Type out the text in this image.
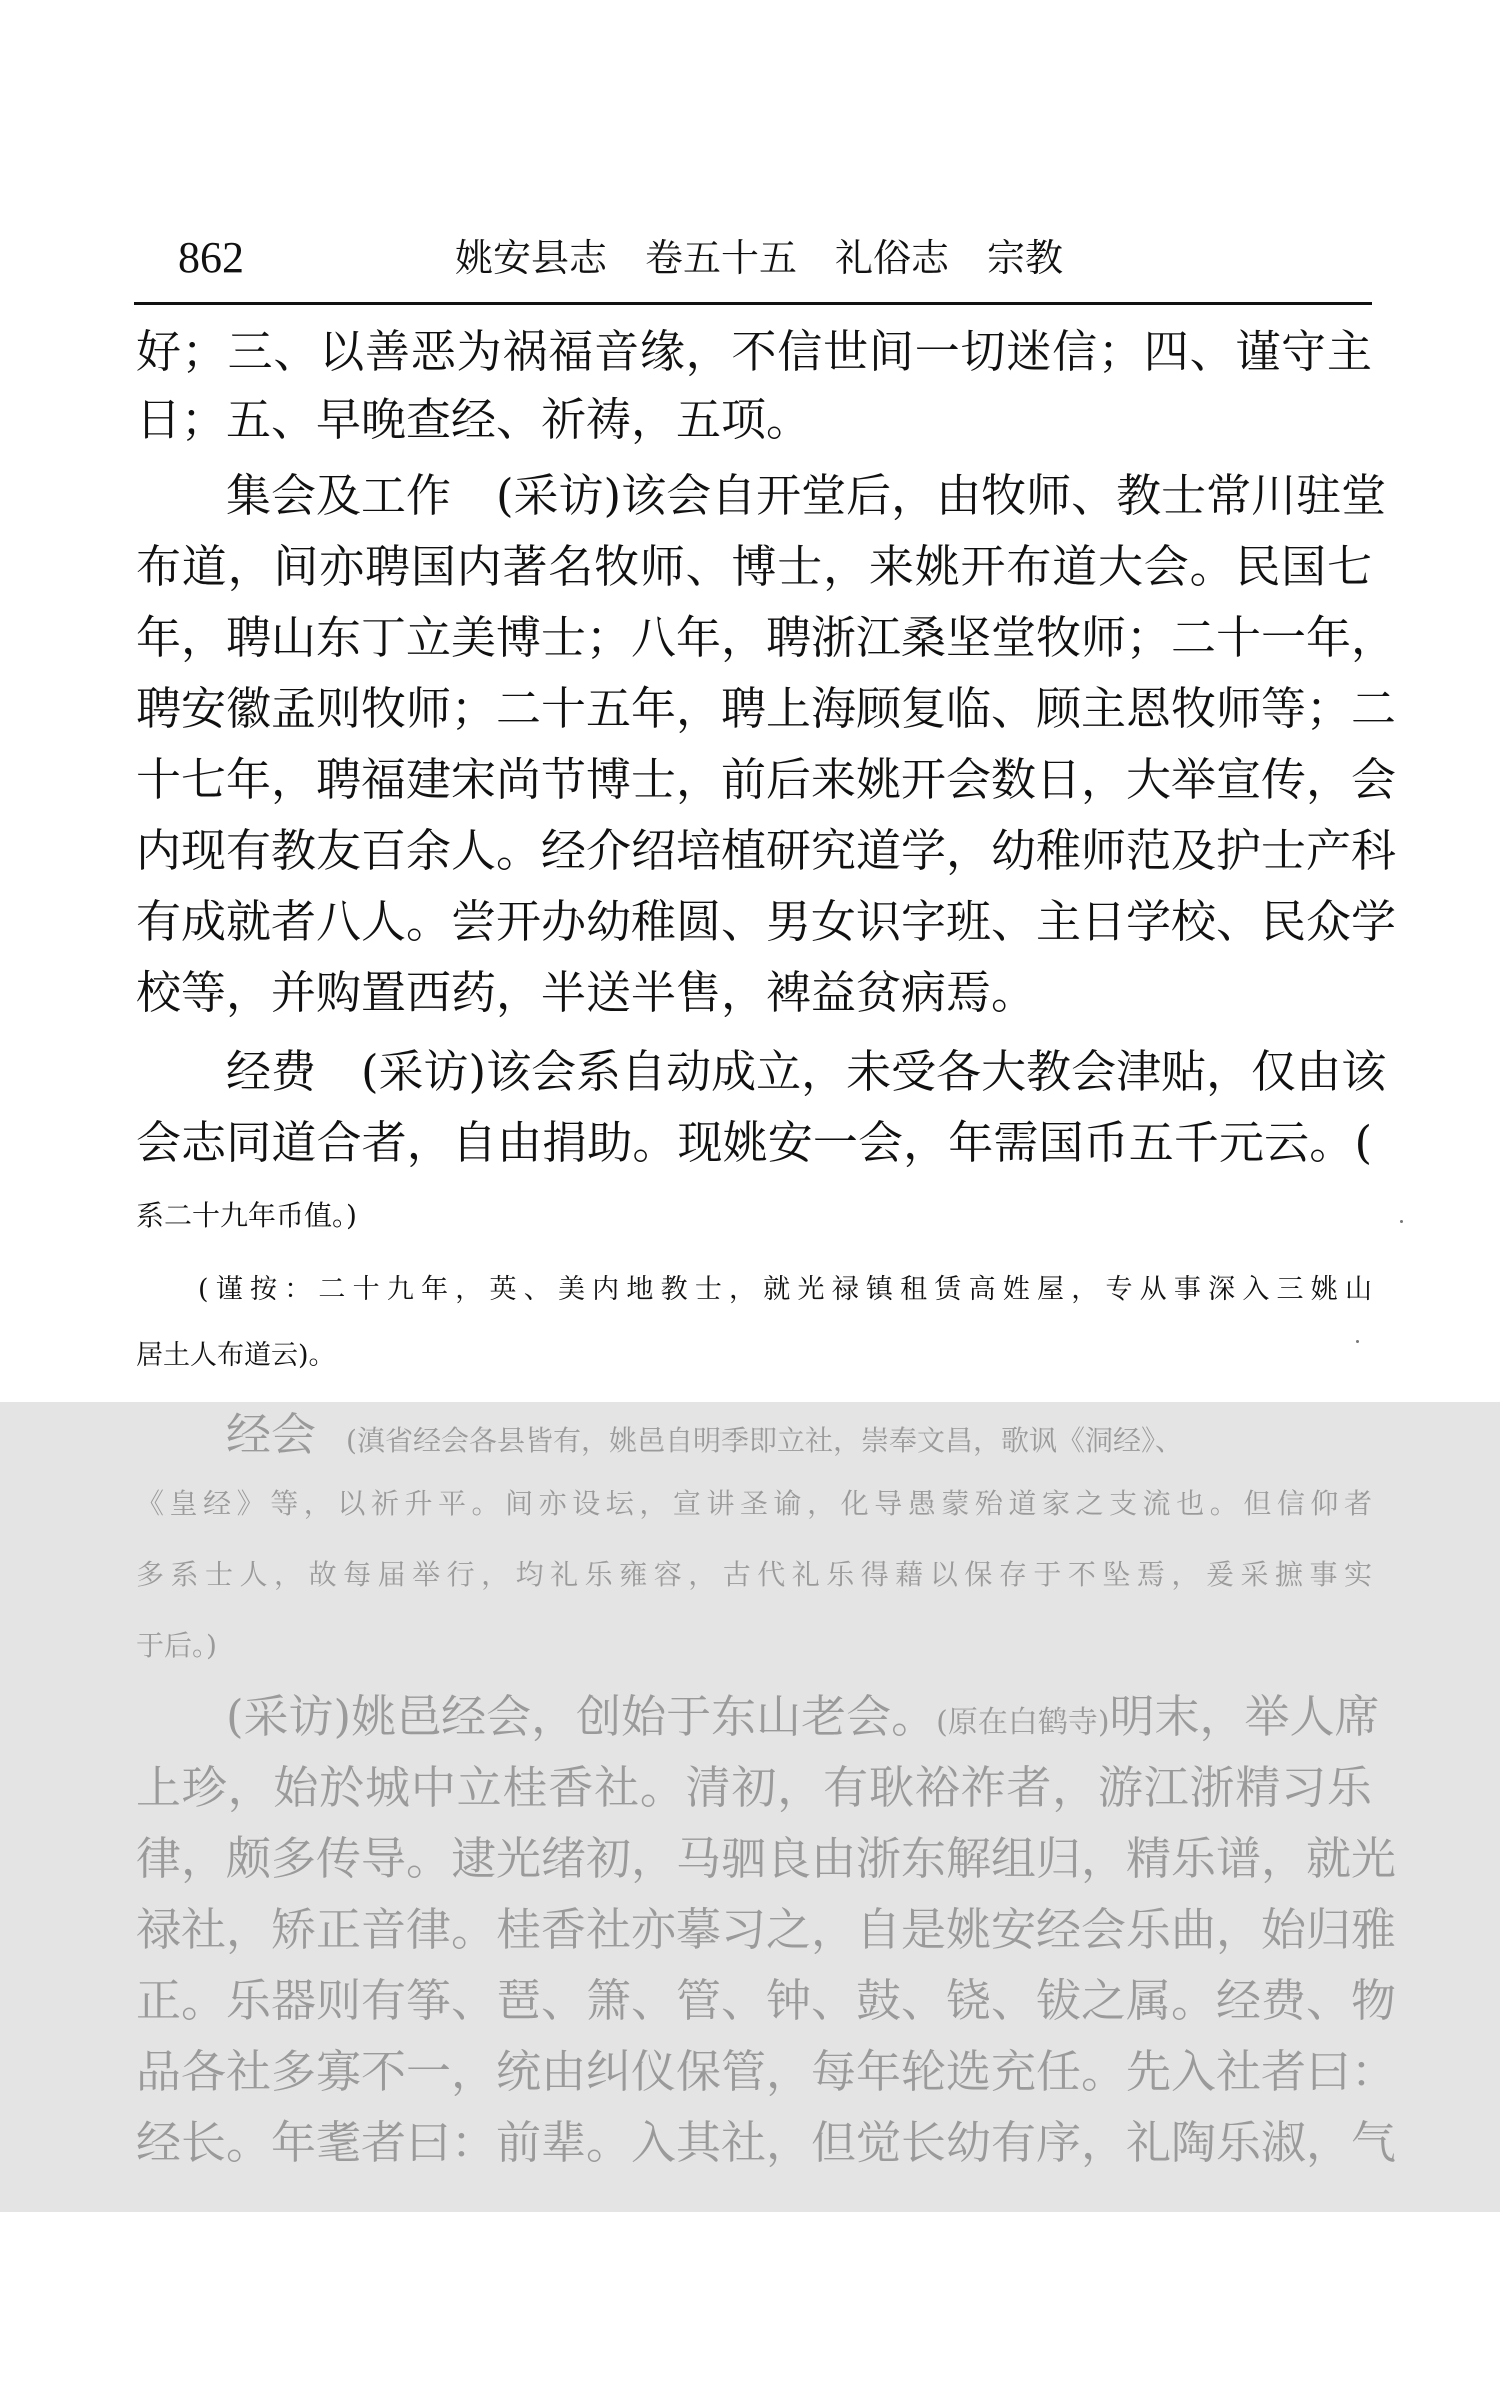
862	姚安县志　卷五十五　礼俗志　宗教
好；三、以善恶为祸福音缘，不信世间一切迷信；四、谨守主
日；五、早晚查经、祈祷，五项。
集会及工作　(采访)该会自开堂后，由牧师、教士常川驻堂
布道，间亦聘国内著名牧师、博士，来姚开布道大会。民国七
年，聘山东丁立美博士；八年，聘浙江桑坚堂牧师；二十一年，
聘安徽孟则牧师；二十五年，聘上海顾复临、顾主恩牧师等；二
十七年，聘福建宋尚节博士，前后来姚开会数日，大举宣传，会
内现有教友百余人。经介绍培植研究道学，幼稚师范及护士产科
有成就者八人。尝开办幼稚圆、男女识字班、主日学校、民众学
校等，并购置西药，半送半售，裨益贫病焉。
经费　(采访)该会系自动成立，未受各大教会津贴，仅由该
会志同道合者，自由捐助。现姚安一会，年需国币五千元云。(
系二十九年币值。)
(谨按：二十九年，英、美内地教士，就光禄镇租赁高姓屋，专从事深入三姚山
居土人布道云)。
经会 (滇省经会各县皆有，姚邑自明季即立社，崇奉文昌，歌讽《洞经》、
《皇经》等，以祈升平。间亦设坛，宣讲圣谕，化导愚蒙殆道家之支流也。但信仰者
多系士人，故每届举行，均礼乐雍容，古代礼乐得藉以保存于不坠焉，爰采摭事实
于后。)
(采访)姚邑经会，创始于东山老会。(原在白鹤寺)明末，举人席
上珍，始於城中立桂香社。清初，有耿裕祚者，游江浙精习乐
律，颇多传导。逮光绪初，马驷良由浙东解组归，精乐谱，就光
禄社，矫正音律。桂香社亦摹习之，自是姚安经会乐曲，始归雅
正。乐器则有筝、琶、箫、管、钟、鼓、铙、钹之属。经费、物
品各社多寡不一，统由纠仪保管，每年轮选充任。先入社者曰：
经长。年耄者曰：前辈。入其社，但觉长幼有序，礼陶乐淑，气
